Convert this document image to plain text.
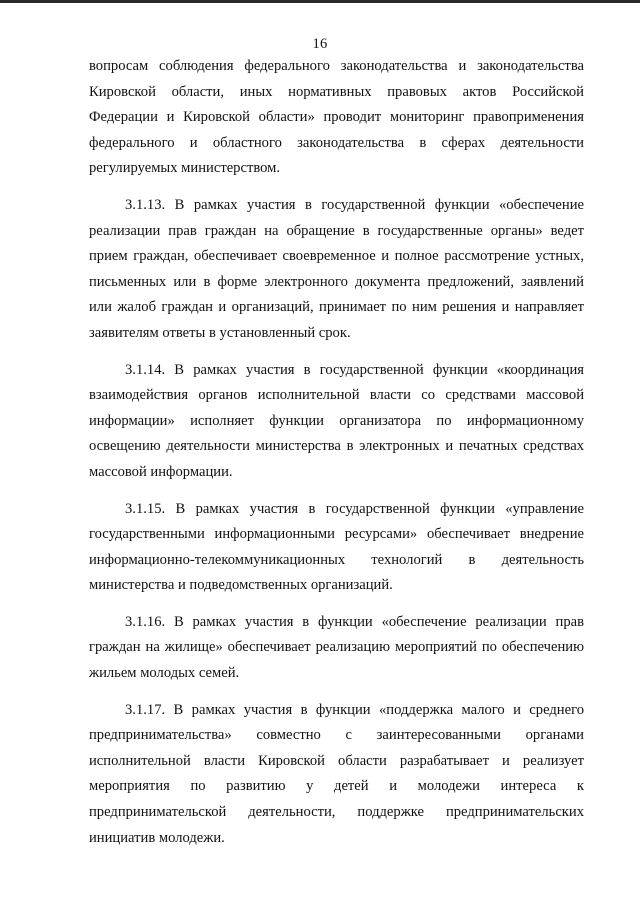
16

вопросам соблюдения федерального законодательства и законодательства Кировской области, иных нормативных правовых актов Российской Федерации и Кировской области» проводит мониторинг правоприменения федерального и областного законодательства в сферах деятельности регулируемых министерством.

3.1.13. В рамках участия в государственной функции «обеспечение реализации прав граждан на обращение в государственные органы» ведет прием граждан, обеспечивает своевременное и полное рассмотрение устных, письменных или в форме электронного документа предложений, заявлений или жалоб граждан и организаций, принимает по ним решения и направляет заявителям ответы в установленный срок.

3.1.14. В рамках участия в государственной функции «координация взаимодействия органов исполнительной власти со средствами массовой информации» исполняет функции организатора по информационному освещению деятельности министерства в электронных и печатных средствах массовой информации.

3.1.15. В рамках участия в государственной функции «управление государственными информационными ресурсами» обеспечивает внедрение информационно-телекоммуникационных технологий в деятельность министерства и подведомственных организаций.

3.1.16. В рамках участия в функции «обеспечение реализации прав граждан на жилище» обеспечивает реализацию мероприятий по обеспечению жильем молодых семей.

3.1.17. В рамках участия в функции «поддержка малого и среднего предпринимательства» совместно с заинтересованными органами исполнительной власти Кировской области разрабатывает и реализует мероприятия по развитию у детей и молодежи интереса к предпринимательской деятельности, поддержке предпринимательских инициатив молодежи.
